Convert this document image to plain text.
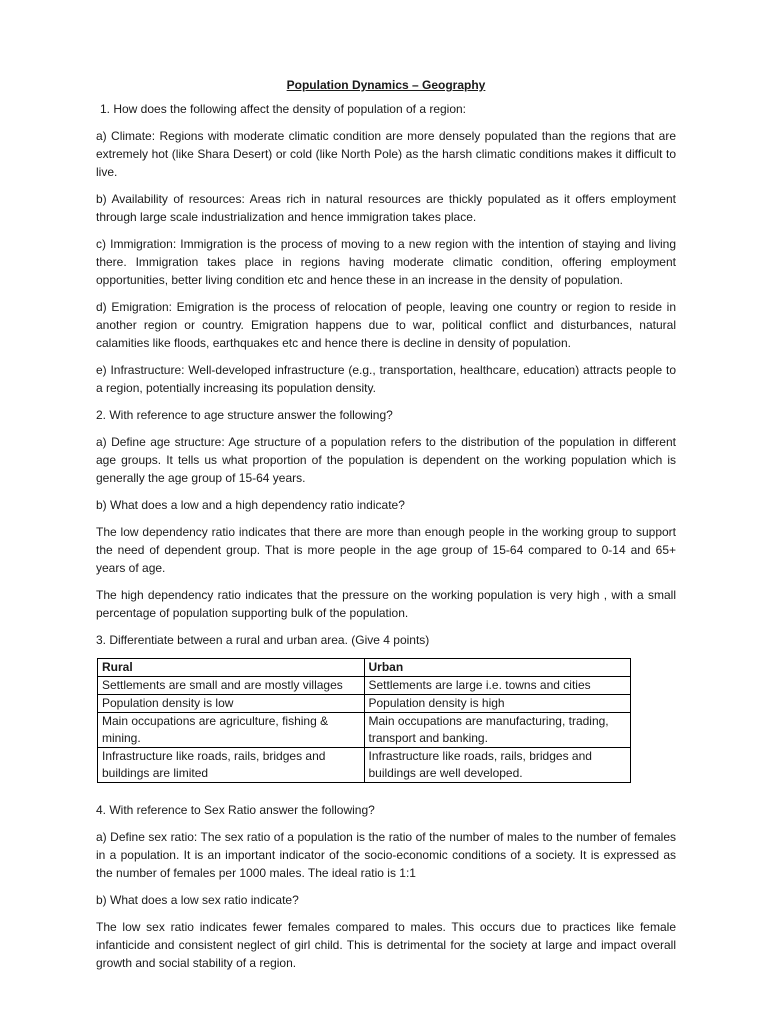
Population Dynamics – Geography
1. How does the following affect the density of population of a region:
a) Climate: Regions with moderate climatic condition are more densely populated than the regions that are extremely hot (like Shara Desert) or cold (like North Pole) as the harsh climatic conditions makes it difficult to live.
b) Availability of resources: Areas rich in natural resources are thickly populated as it offers employment through large scale industrialization and hence immigration takes place.
c) Immigration: Immigration is the process of moving to a new region with the intention of staying and living there. Immigration takes place in regions having moderate climatic condition, offering employment opportunities, better living condition etc and hence these in an increase in the density of population.
d) Emigration: Emigration is the process of relocation of people, leaving one country or region to reside in another region or country. Emigration happens due to war, political conflict and disturbances, natural calamities like floods, earthquakes etc and hence there is decline in density of population.
e) Infrastructure: Well-developed infrastructure (e.g., transportation, healthcare, education) attracts people to a region, potentially increasing its population density.
2. With reference to age structure answer the following?
a) Define age structure: Age structure of a population refers to the distribution of the population in different age groups. It tells us what proportion of the population is dependent on the working population which is generally the age group of 15-64 years.
b) What does a low and a high dependency ratio indicate?
The low dependency ratio indicates that there are more than enough people in the working group to support the need of dependent group. That is more people in the age group of 15-64 compared to 0-14 and 65+ years of age.
The high dependency ratio indicates that the pressure on the working population is very high , with a small percentage of population supporting bulk of the population.
3. Differentiate between a rural and urban area. (Give 4 points)
Rural	Urban
Settlements are small and are mostly villages	Settlements are large i.e. towns and cities
Population density is low	Population density is high
Main occupations are agriculture, fishing & mining.	Main occupations are manufacturing, trading, transport and banking.
Infrastructure like roads, rails, bridges and buildings are limited	Infrastructure like roads, rails, bridges and buildings are well developed.
4. With reference to Sex Ratio answer the following?
a) Define sex ratio: The sex ratio of a population is the ratio of the number of males to the number of females in a population. It is an important indicator of the socio-economic conditions of a society. It is expressed as the number of females per 1000 males. The ideal ratio is 1:1
b) What does a low sex ratio indicate?
The low sex ratio indicates fewer females compared to males. This occurs due to practices like female infanticide and consistent neglect of girl child. This is detrimental for the society at large and impact overall growth and social stability of a region.
